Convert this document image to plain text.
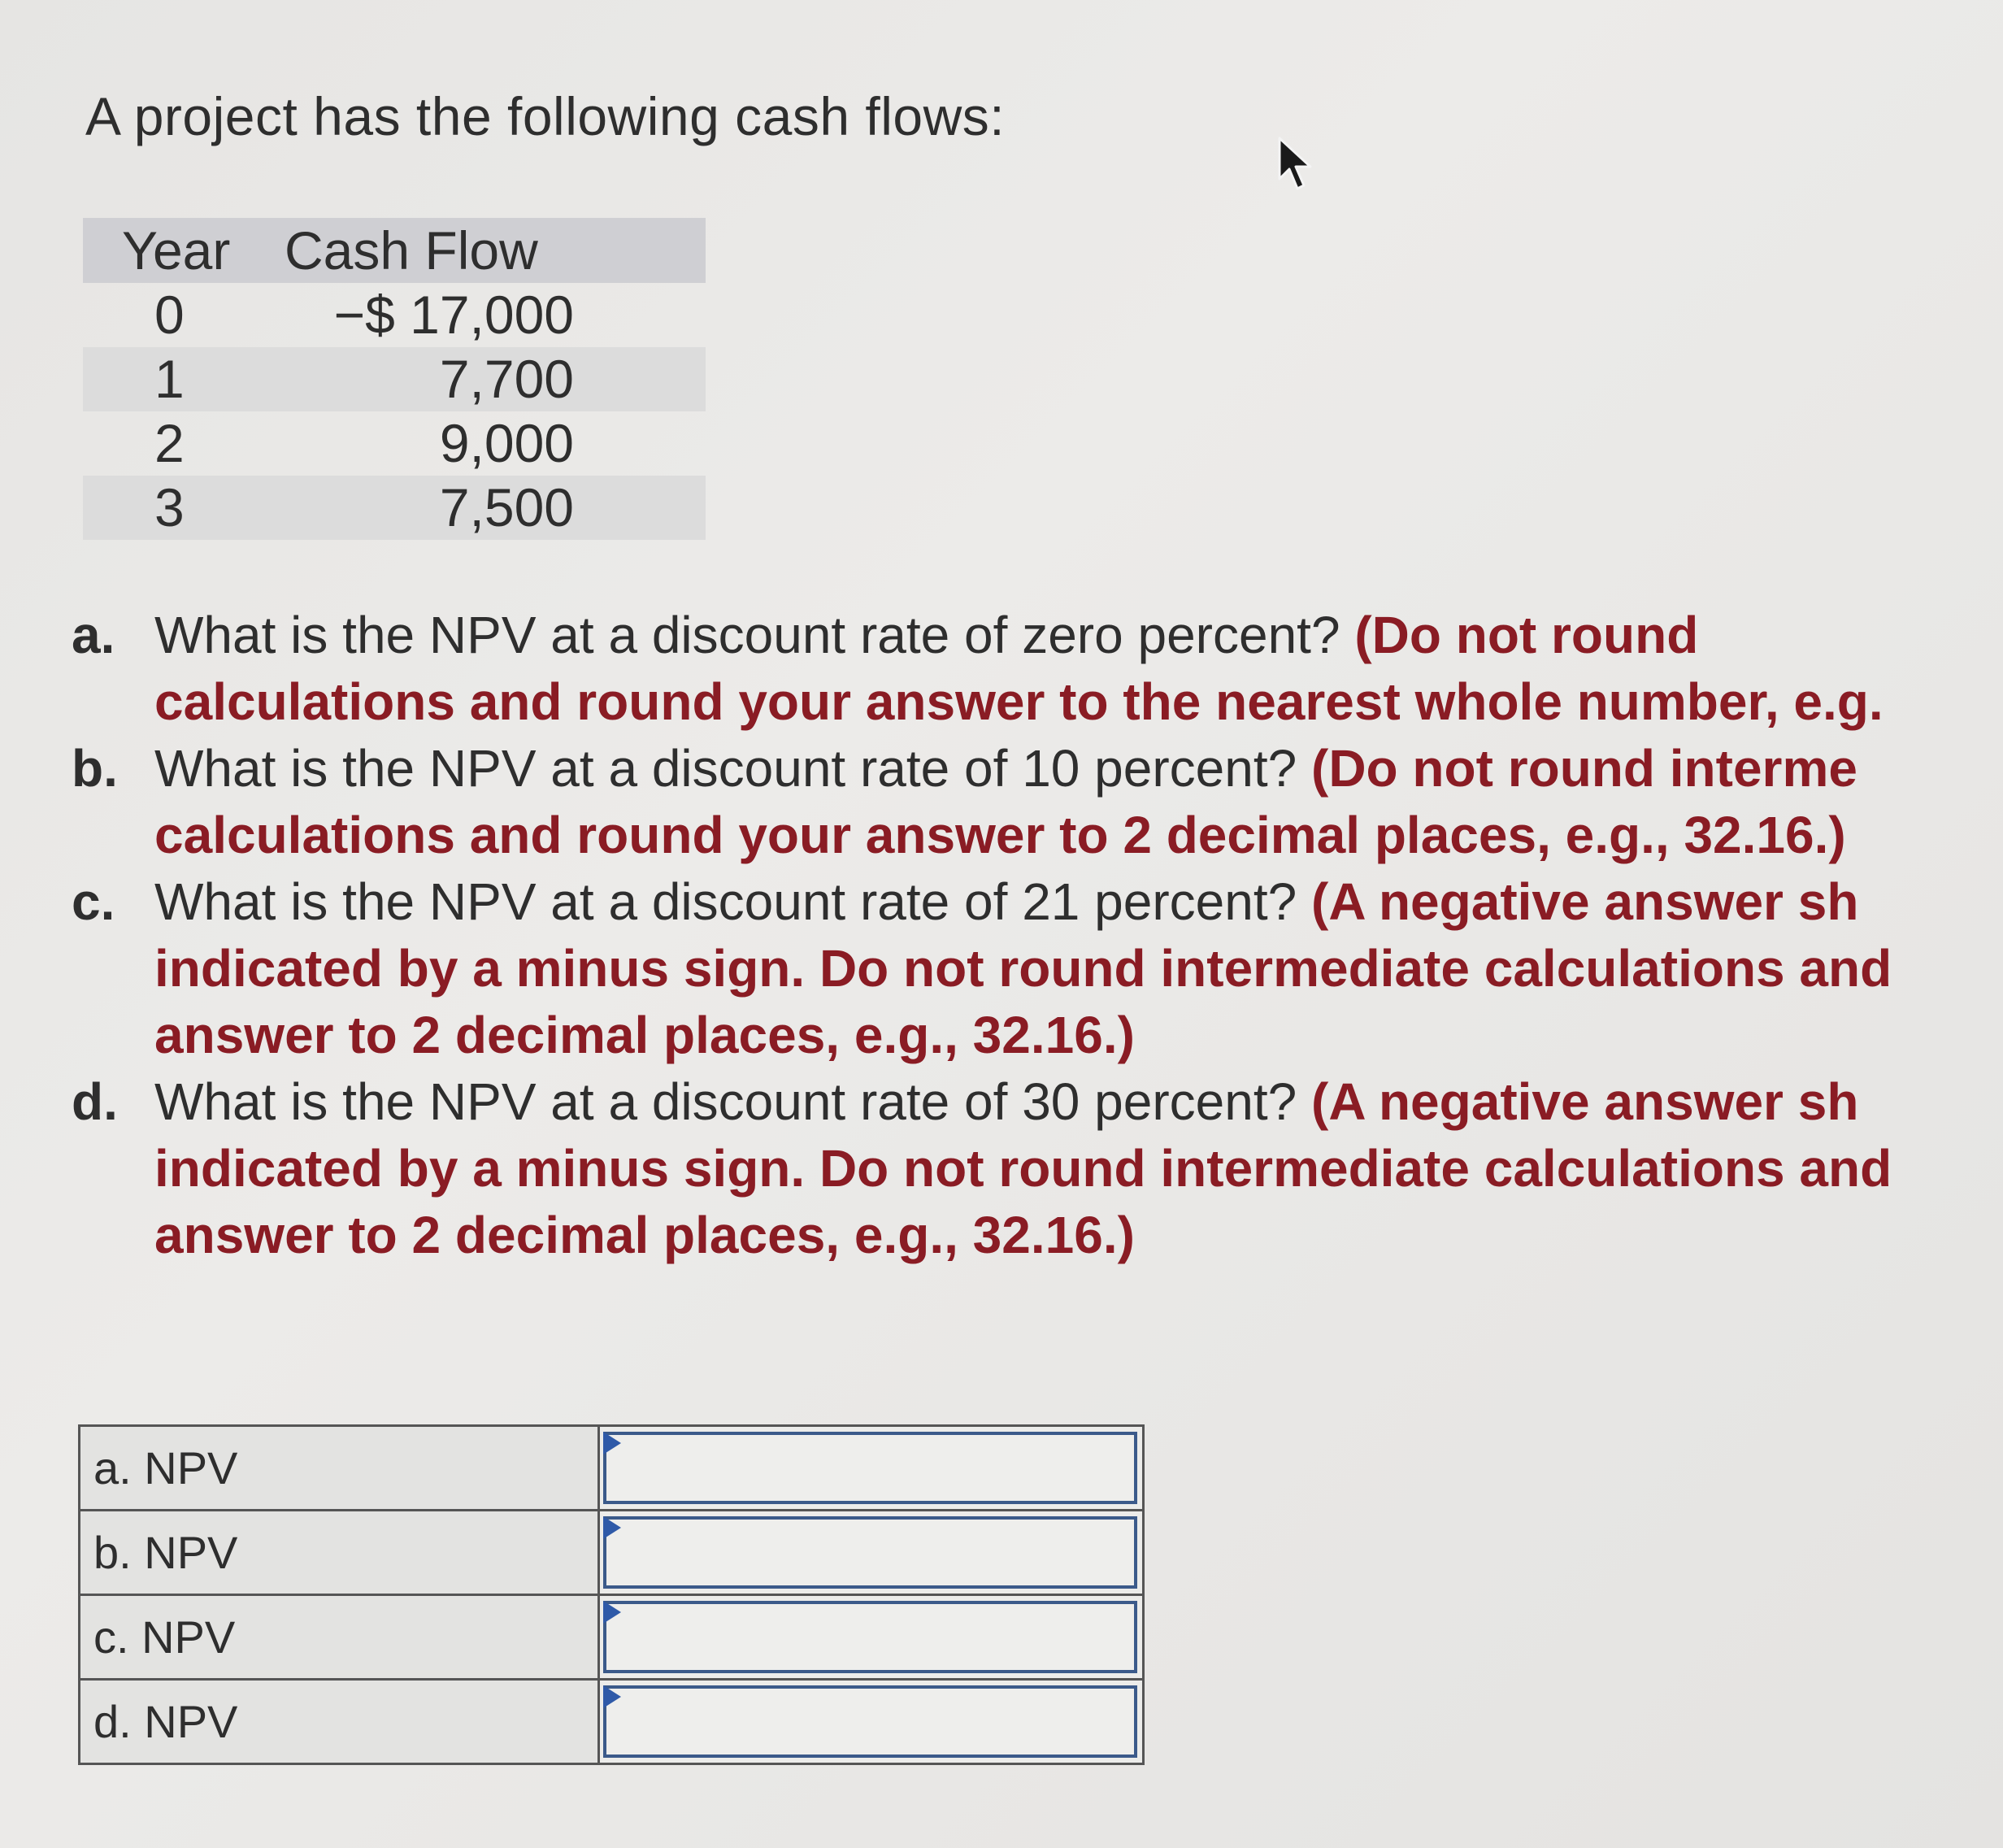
A project has the following cash flows:
Year	Cash Flow
0	−$ 17,000
1	7,700
2	9,000
3	7,500
a. What is the NPV at a discount rate of zero percent? (Do not round
calculations and round your answer to the nearest whole number, e.g.
b. What is the NPV at a discount rate of 10 percent? (Do not round interme
calculations and round your answer to 2 decimal places, e.g., 32.16.)
c. What is the NPV at a discount rate of 21 percent? (A negative answer sh
indicated by a minus sign. Do not round intermediate calculations and
answer to 2 decimal places, e.g., 32.16.)
d. What is the NPV at a discount rate of 30 percent? (A negative answer sh
indicated by a minus sign. Do not round intermediate calculations and
answer to 2 decimal places, e.g., 32.16.)
a. NPV	

b. NPV	

c. NPV	

d. NPV	
